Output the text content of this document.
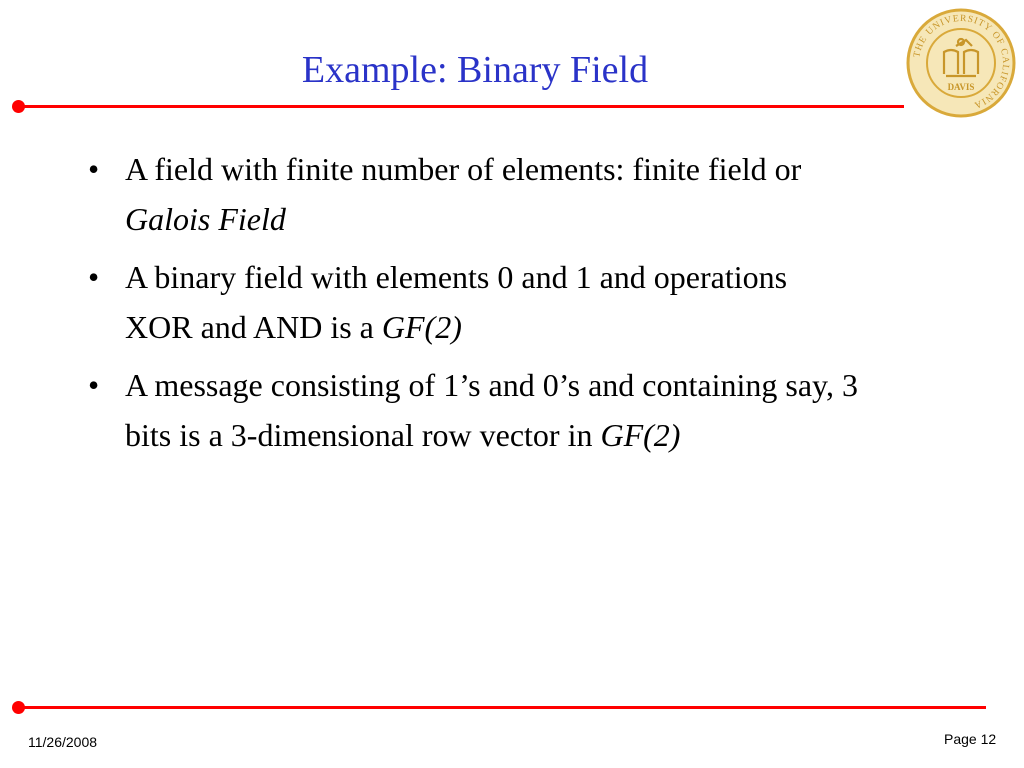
Example: Binary Field	THE UNIVERSITY OF CALIFORNIA
DAVIS
• A field with finite number of elements: finite field or Galois Field
• A binary field with elements 0 and 1 and operations XOR and AND is a GF(2)
• A message consisting of 1’s and 0’s and containing say, 3 bits is a 3-dimensional row vector in GF(2)
11/26/2008	Page 12
